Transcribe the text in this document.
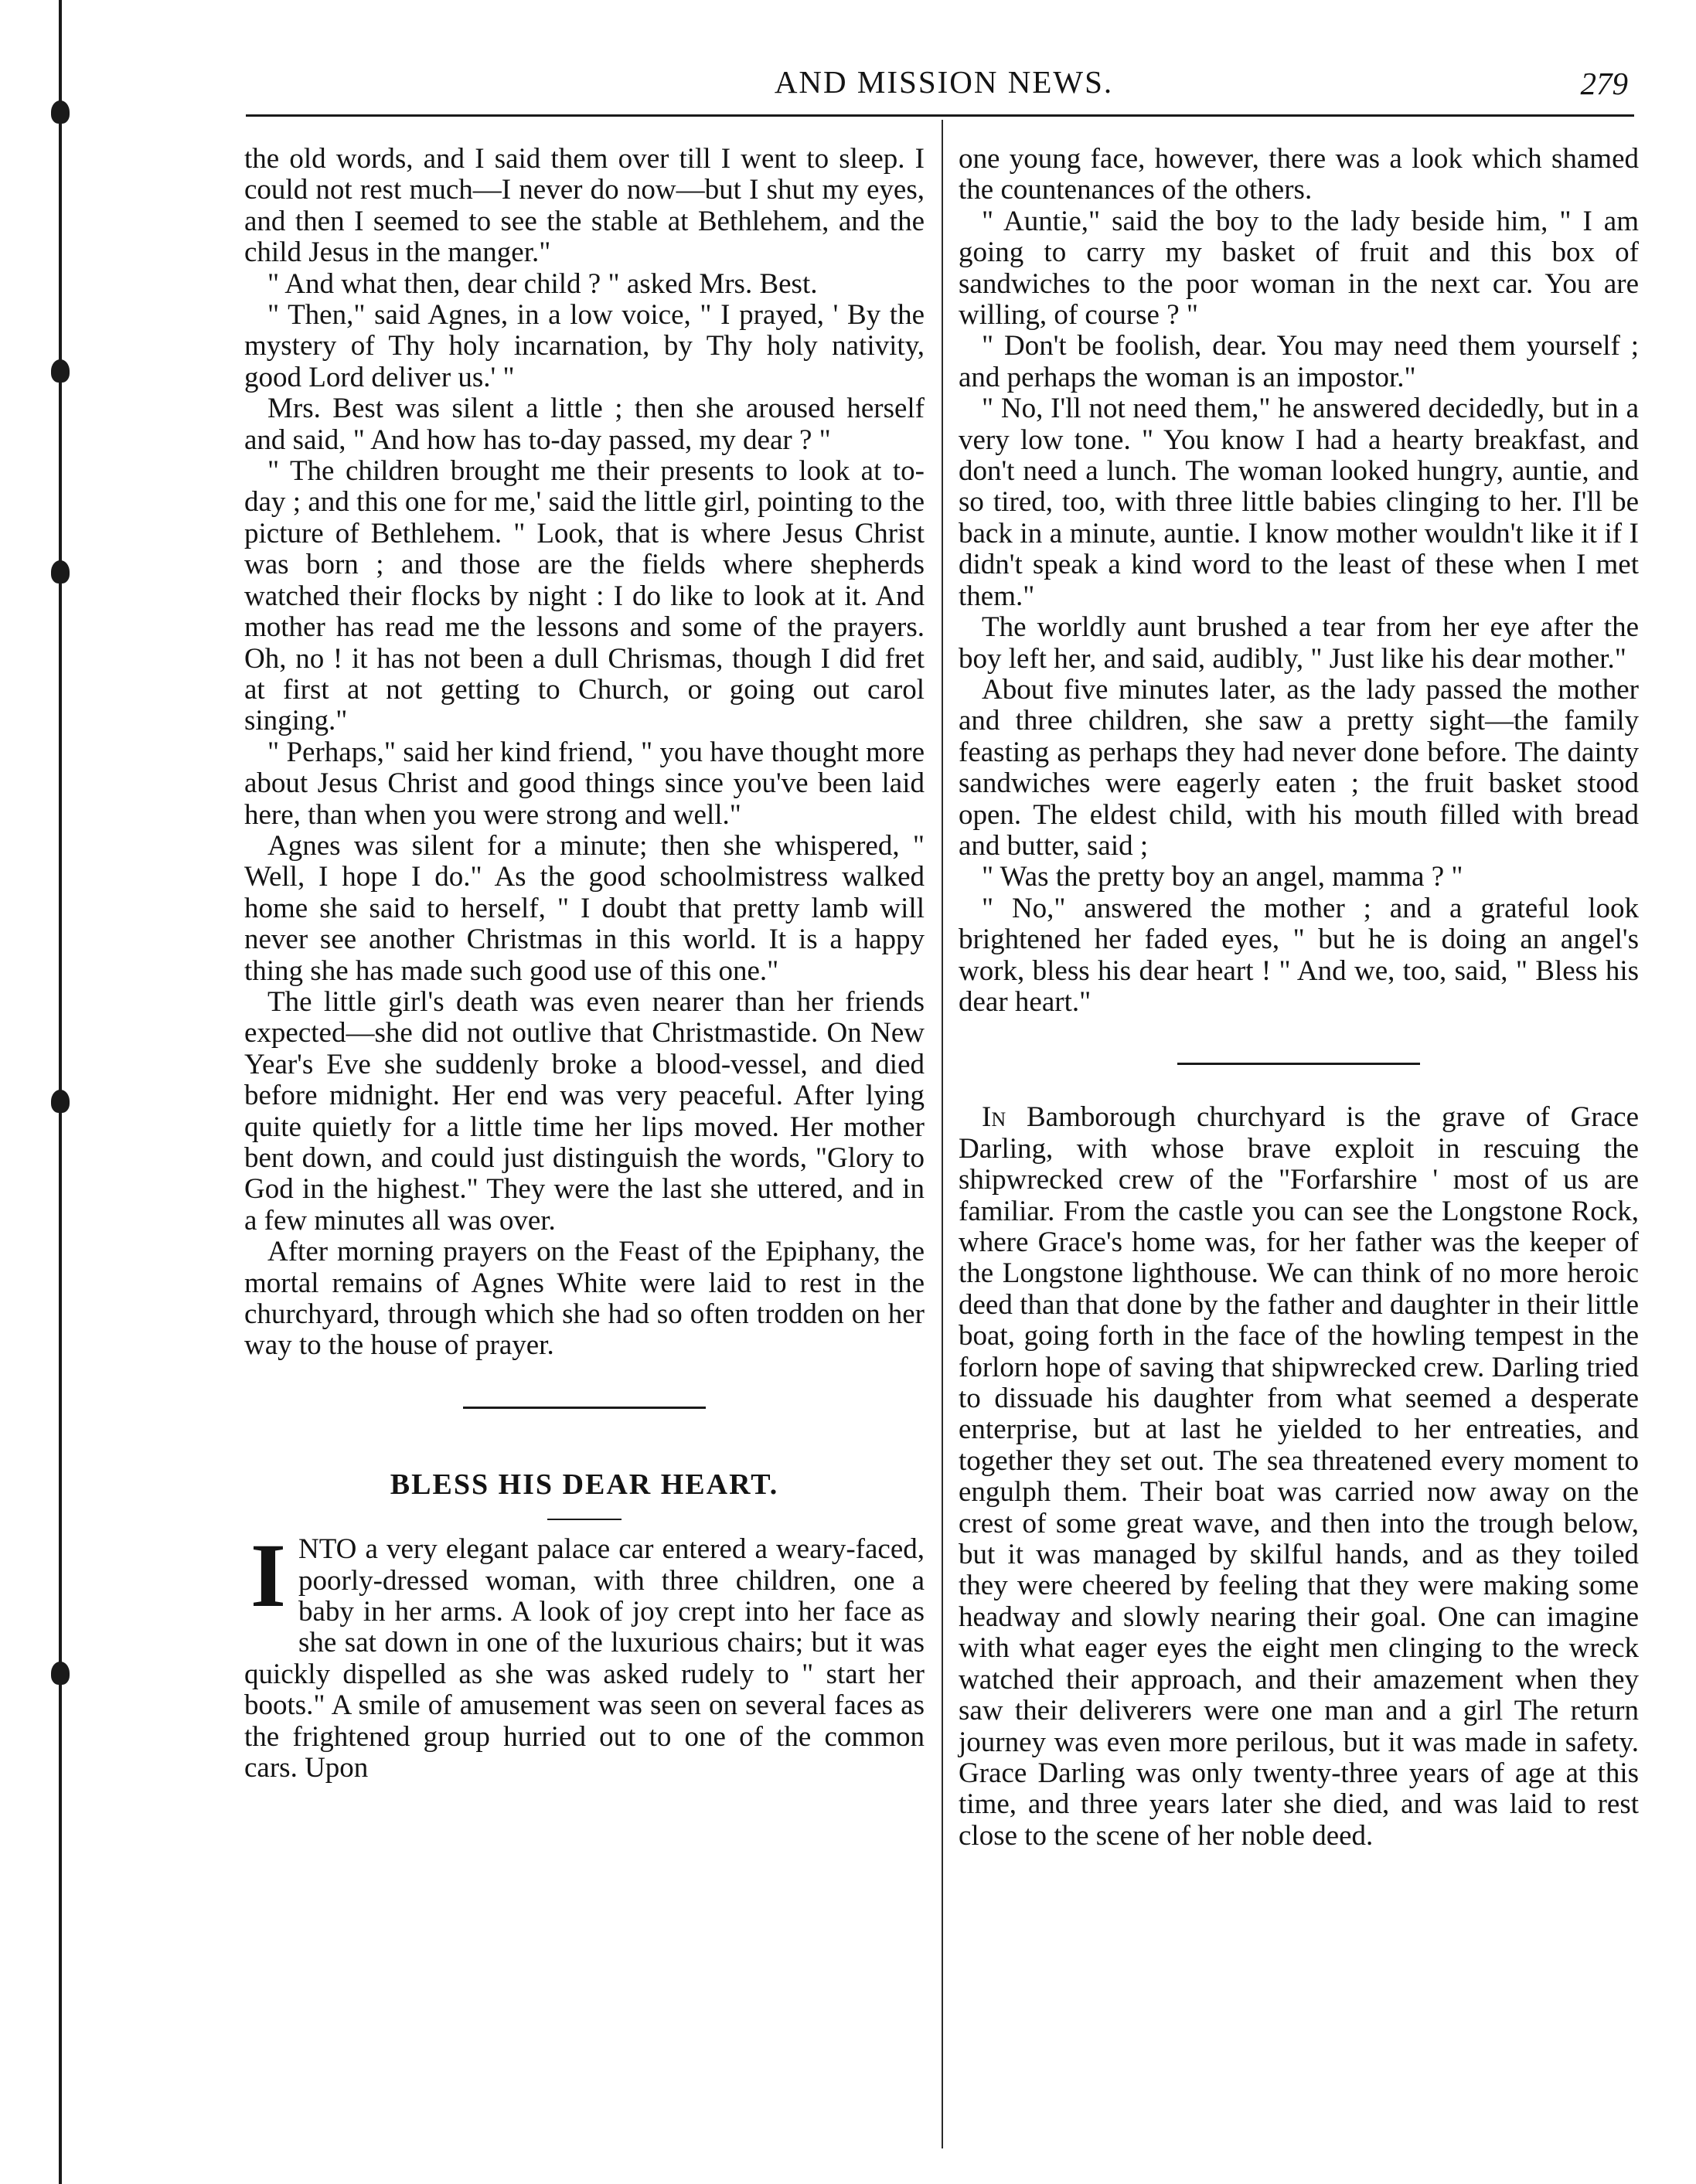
AND MISSION NEWS.	279

the old words, and I said them over till I went to sleep. I could not rest much—I never do now—but I shut my eyes, and then I seemed to see the stable at Bethlehem, and the child Jesus in the manger."

" And what then, dear child ? " asked Mrs. Best.

" Then," said Agnes, in a low voice, " I prayed, ' By the mystery of Thy holy incarnation, by Thy holy nativity, good Lord deliver us.' "

Mrs. Best was silent a little ; then she aroused herself and said, " And how has to-day passed, my dear ? "

" The children brought me their presents to look at to-day ; and this one for me,' said the little girl, pointing to the picture of Bethlehem. " Look, that is where Jesus Christ was born ; and those are the fields where shepherds watched their flocks by night : I do like to look at it. And mother has read me the lessons and some of the prayers. Oh, no ! it has not been a dull Chrismas, though I did fret at first at not getting to Church, or going out carol singing."

" Perhaps," said her kind friend, " you have thought more about Jesus Christ and good things since you've been laid here, than when you were strong and well."

Agnes was silent for a minute; then she whispered, " Well, I hope I do." As the good schoolmistress walked home she said to herself, " I doubt that pretty lamb will never see another Christmas in this world. It is a happy thing she has made such good use of this one."

The little girl's death was even nearer than her friends expected—she did not outlive that Christmastide. On New Year's Eve she suddenly broke a blood-vessel, and died before midnight. Her end was very peaceful. After lying quite quietly for a little time her lips moved. Her mother bent down, and could just distinguish the words, "Glory to God in the highest." They were the last she uttered, and in a few minutes all was over.

After morning prayers on the Feast of the Epiphany, the mortal remains of Agnes White were laid to rest in the churchyard, through which she had so often trodden on her way to the house of prayer.

BLESS HIS DEAR HEART.

INTO a very elegant palace car entered a weary-faced, poorly-dressed woman, with three children, one a baby in her arms. A look of joy crept into her face as she sat down in one of the luxurious chairs; but it was quickly dispelled as she was asked rudely to " start her boots." A smile of amusement was seen on several faces as the frightened group hurried out to one of the common cars. Upon

one young face, however, there was a look which shamed the countenances of the others.

" Auntie," said the boy to the lady beside him, " I am going to carry my basket of fruit and this box of sandwiches to the poor woman in the next car. You are willing, of course ? "

" Don't be foolish, dear. You may need them yourself ; and perhaps the woman is an impostor."

" No, I'll not need them," he answered decidedly, but in a very low tone. " You know I had a hearty breakfast, and don't need a lunch. The woman looked hungry, auntie, and so tired, too, with three little babies clinging to her. I'll be back in a minute, auntie. I know mother wouldn't like it if I didn't speak a kind word to the least of these when I met them."

The worldly aunt brushed a tear from her eye after the boy left her, and said, audibly, " Just like his dear mother."

About five minutes later, as the lady passed the mother and three children, she saw a pretty sight—the family feasting as perhaps they had never done before. The dainty sandwiches were eagerly eaten ; the fruit basket stood open. The eldest child, with his mouth filled with bread and butter, said ;

" Was the pretty boy an angel, mamma ? "

" No," answered the mother ; and a grateful look brightened her faded eyes, " but he is doing an angel's work, bless his dear heart ! " And we, too, said, " Bless his dear heart."

In Bamborough churchyard is the grave of Grace Darling, with whose brave exploit in rescuing the shipwrecked crew of the "Forfarshire ' most of us are familiar. From the castle you can see the Longstone Rock, where Grace's home was, for her father was the keeper of the Longstone lighthouse. We can think of no more heroic deed than that done by the father and daughter in their little boat, going forth in the face of the howling tempest in the forlorn hope of saving that shipwrecked crew. Darling tried to dissuade his daughter from what seemed a desperate enterprise, but at last he yielded to her entreaties, and together they set out. The sea threatened every moment to engulph them. Their boat was carried now away on the crest of some great wave, and then into the trough below, but it was managed by skilful hands, and as they toiled they were cheered by feeling that they were making some headway and slowly nearing their goal. One can imagine with what eager eyes the eight men clinging to the wreck watched their approach, and their amazement when they saw their deliverers were one man and a girl The return journey was even more perilous, but it was made in safety. Grace Darling was only twenty-three years of age at this time, and three years later she died, and was laid to rest close to the scene of her noble deed.
